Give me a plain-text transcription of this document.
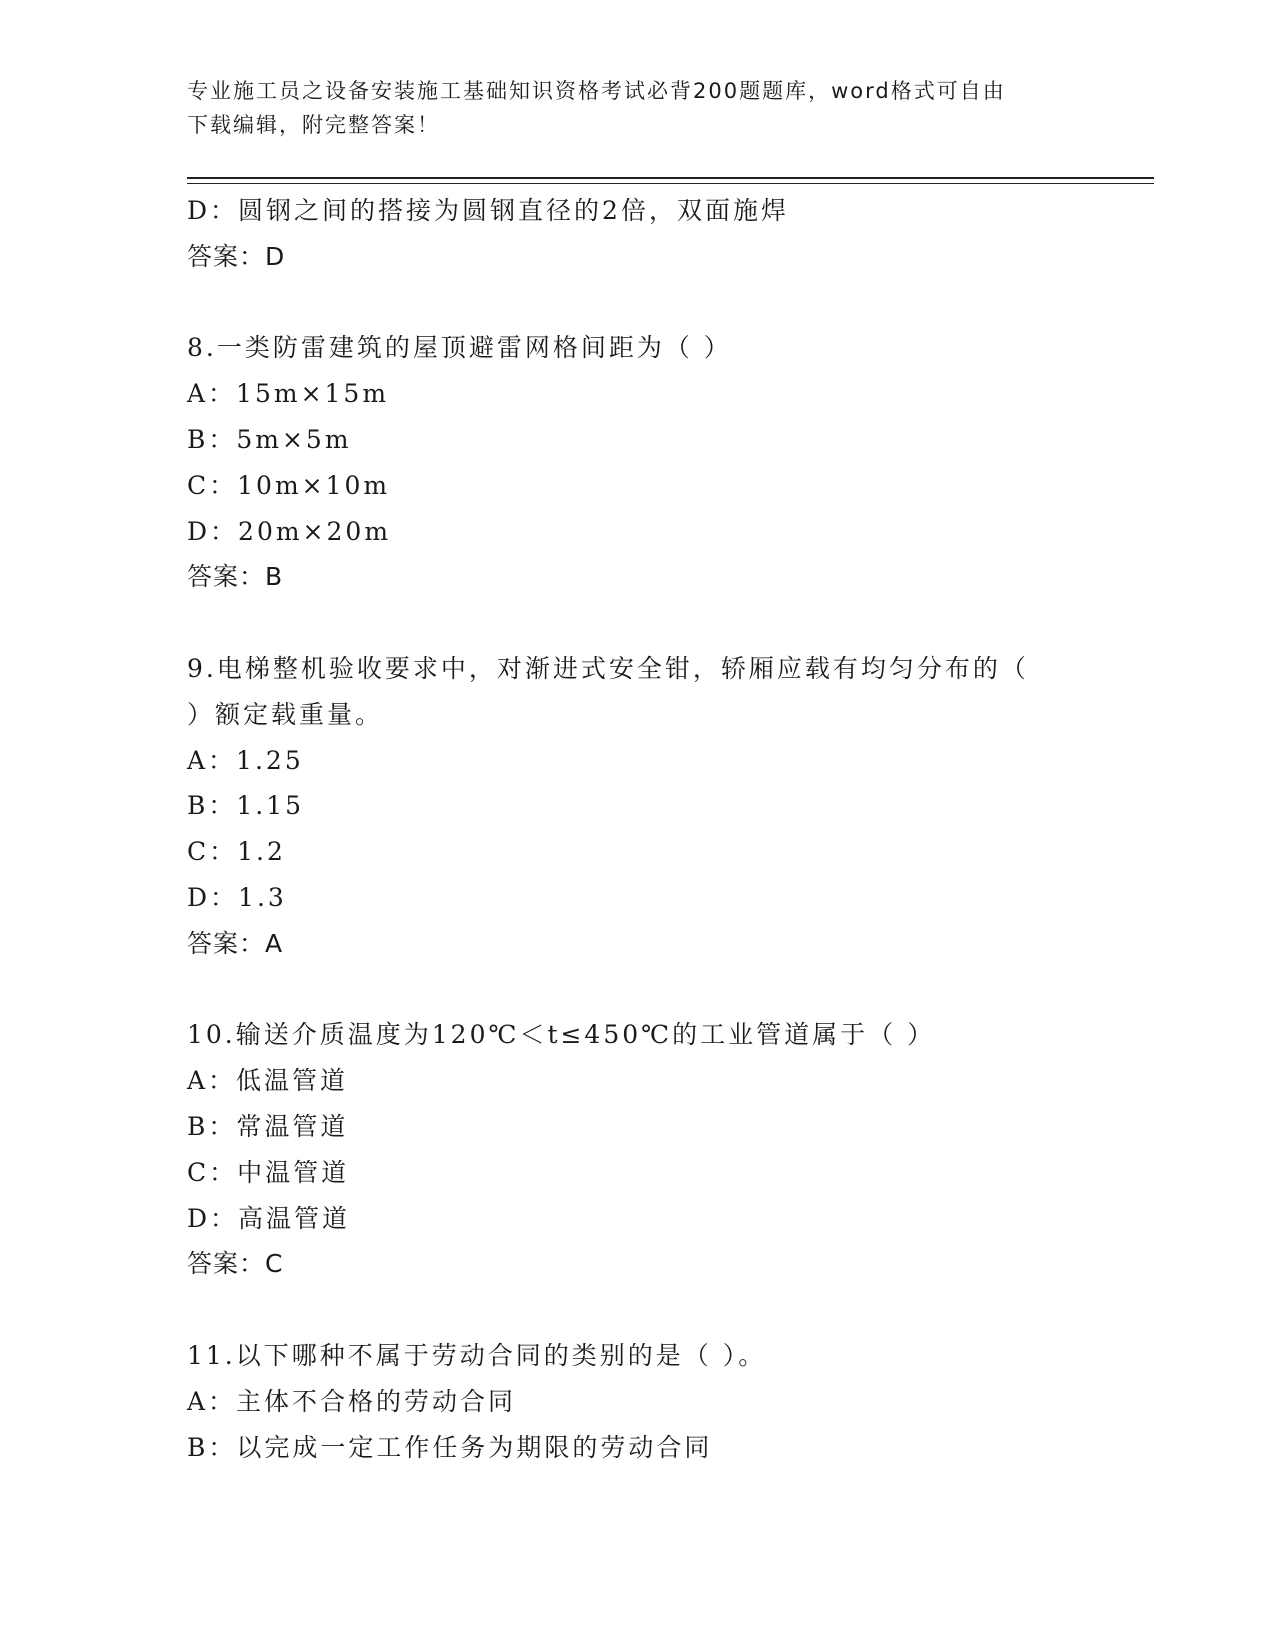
专业施工员之设备安装施工基础知识资格考试必背200题题库，word格式可自由
下载编辑，附完整答案！
D：圆钢之间的搭接为圆钢直径的2倍，双面施焊
答案：D
8.一类防雷建筑的屋顶避雷网格间距为（ ）
A：15m×15m
B：5m×5m
C：10m×10m
D：20m×20m
答案：B
9.电梯整机验收要求中，对渐进式安全钳，轿厢应载有均匀分布的（
）额定载重量。
A：1.25
B：1.15
C：1.2
D：1.3
答案：A
10.输送介质温度为120℃＜t≤450℃的工业管道属于（ ）
A：低温管道
B：常温管道
C：中温管道
D：高温管道
答案：C
11.以下哪种不属于劳动合同的类别的是（ ）。
A：主体不合格的劳动合同
B：以完成一定工作任务为期限的劳动合同
